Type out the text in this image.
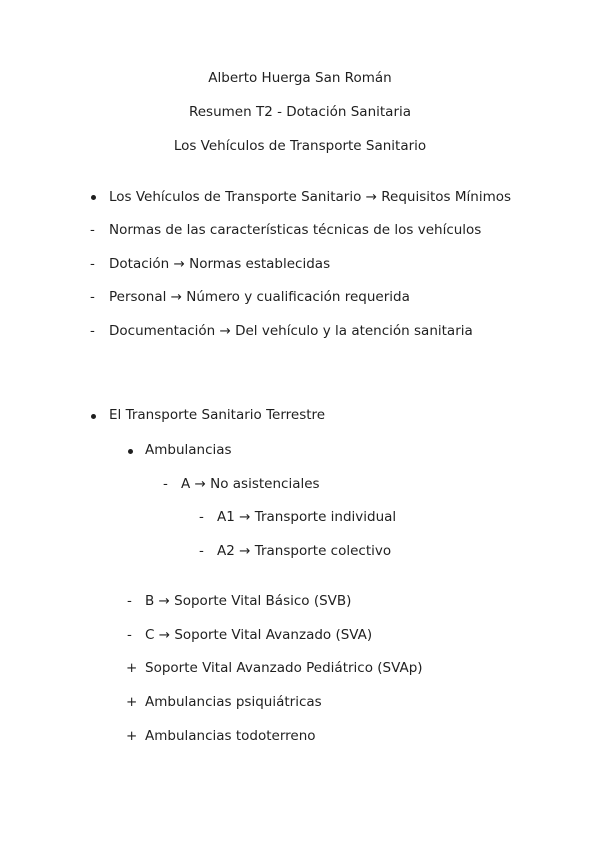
Alberto Huerga San Román
Resumen T2 - Dotación Sanitaria
Los Vehículos de Transporte Sanitario
Los Vehículos de Transporte Sanitario → Requisitos Mínimos
- Normas de las características técnicas de los vehículos
- Dotación → Normas establecidas
- Personal → Número y cualificación requerida
- Documentación → Del vehículo y la atención sanitaria
El Transporte Sanitario Terrestre
Ambulancias
- A → No asistenciales
- A1 → Transporte individual
- A2 → Transporte colectivo
- B → Soporte Vital Básico (SVB)
- C → Soporte Vital Avanzado (SVA)
+ Soporte Vital Avanzado Pediátrico (SVAp)
+ Ambulancias psiquiátricas
+ Ambulancias todoterreno
